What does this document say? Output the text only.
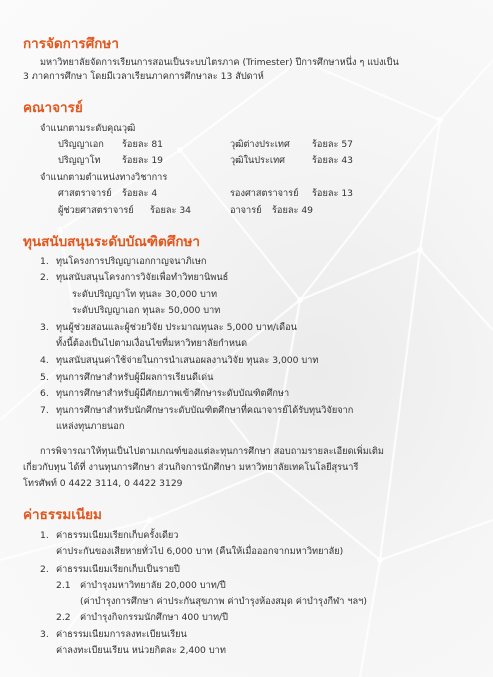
การจัดการศึกษา
มหาวิทยาลัยจัดการเรียนการสอนเป็นระบบไตรภาค (Trimester) ปีการศึกษาหนึ่ง ๆ แบ่งเป็น
3 ภาคการศึกษา โดยมีเวลาเรียนภาคการศึกษาละ 13 สัปดาห์
คณาจารย์
จำแนกตามระดับคุณวุฒิ
ปริญญาเอก ร้อยละ 81	วุฒิต่างประเทศ ร้อยละ 57
ปริญญาโท ร้อยละ 19	วุฒิในประเทศ	ร้อยละ 43
จำแนกตามตำแหน่งทางวิชาการ
ศาสตราจารย์ ร้อยละ 4	รองศาสตราจารย์ ร้อยละ 13
ผู้ช่วยศาสตราจารย์ ร้อยละ 34	อาจารย์ ร้อยละ 49
ทุนสนับสนุนระดับบัณฑิตศึกษา
1. ทุนโครงการปริญญาเอกกาญจนาภิเษก
2. ทุนสนับสนุนโครงการวิจัยเพื่อทำวิทยานิพนธ์
ระดับปริญญาโท ทุนละ 30,000 บาท
ระดับปริญญาเอก ทุนละ 50,000 บาท
3. ทุนผู้ช่วยสอนและผู้ช่วยวิจัย ประมาณทุนละ 5,000 บาท/เดือน
ทั้งนี้ต้องเป็นไปตามเงื่อนไขที่มหาวิทยาลัยกำหนด
4. ทุนสนับสนุนค่าใช้จ่ายในการนำเสนอผลงานวิจัย ทุนละ 3,000 บาท
5. ทุนการศึกษาสำหรับผู้มีผลการเรียนดีเด่น
6. ทุนการศึกษาสำหรับผู้มีศักยภาพเข้าศึกษาระดับบัณฑิตศึกษา
7. ทุนการศึกษาสำหรับนักศึกษาระดับบัณฑิตศึกษาที่คณาจารย์ได้รับทุนวิจัยจาก
แหล่งทุนภายนอก
การพิจารณาให้ทุนเป็นไปตามเกณฑ์ของแต่ละทุนการศึกษา สอบถามรายละเอียดเพิ่มเติม
เกี่ยวกับทุน ได้ที่ งานทุนการศึกษา ส่วนกิจการนักศึกษา มหาวิทยาลัยเทคโนโลยีสุรนารี
โทรศัพท์ 0 4422 3114, 0 4422 3129
ค่าธรรมเนียม
1. ค่าธรรมเนียมเรียกเก็บครั้งเดียว
ค่าประกันของเสียหายทั่วไป 6,000 บาท (คืนให้เมื่อออกจากมหาวิทยาลัย)
2. ค่าธรรมเนียมเรียกเก็บเป็นรายปี
2.1 ค่าบำรุงมหาวิทยาลัย 20,000 บาท/ปี
(ค่าบำรุงการศึกษา ค่าประกันสุขภาพ ค่าบำรุงห้องสมุด ค่าบำรุงกีฬา ฯลฯ)
2.2 ค่าบำรุงกิจกรรมนักศึกษา 400 บาท/ปี
3. ค่าธรรมเนียมการลงทะเบียนเรียน
ค่าลงทะเบียนเรียน หน่วยกิตละ 2,400 บาท
